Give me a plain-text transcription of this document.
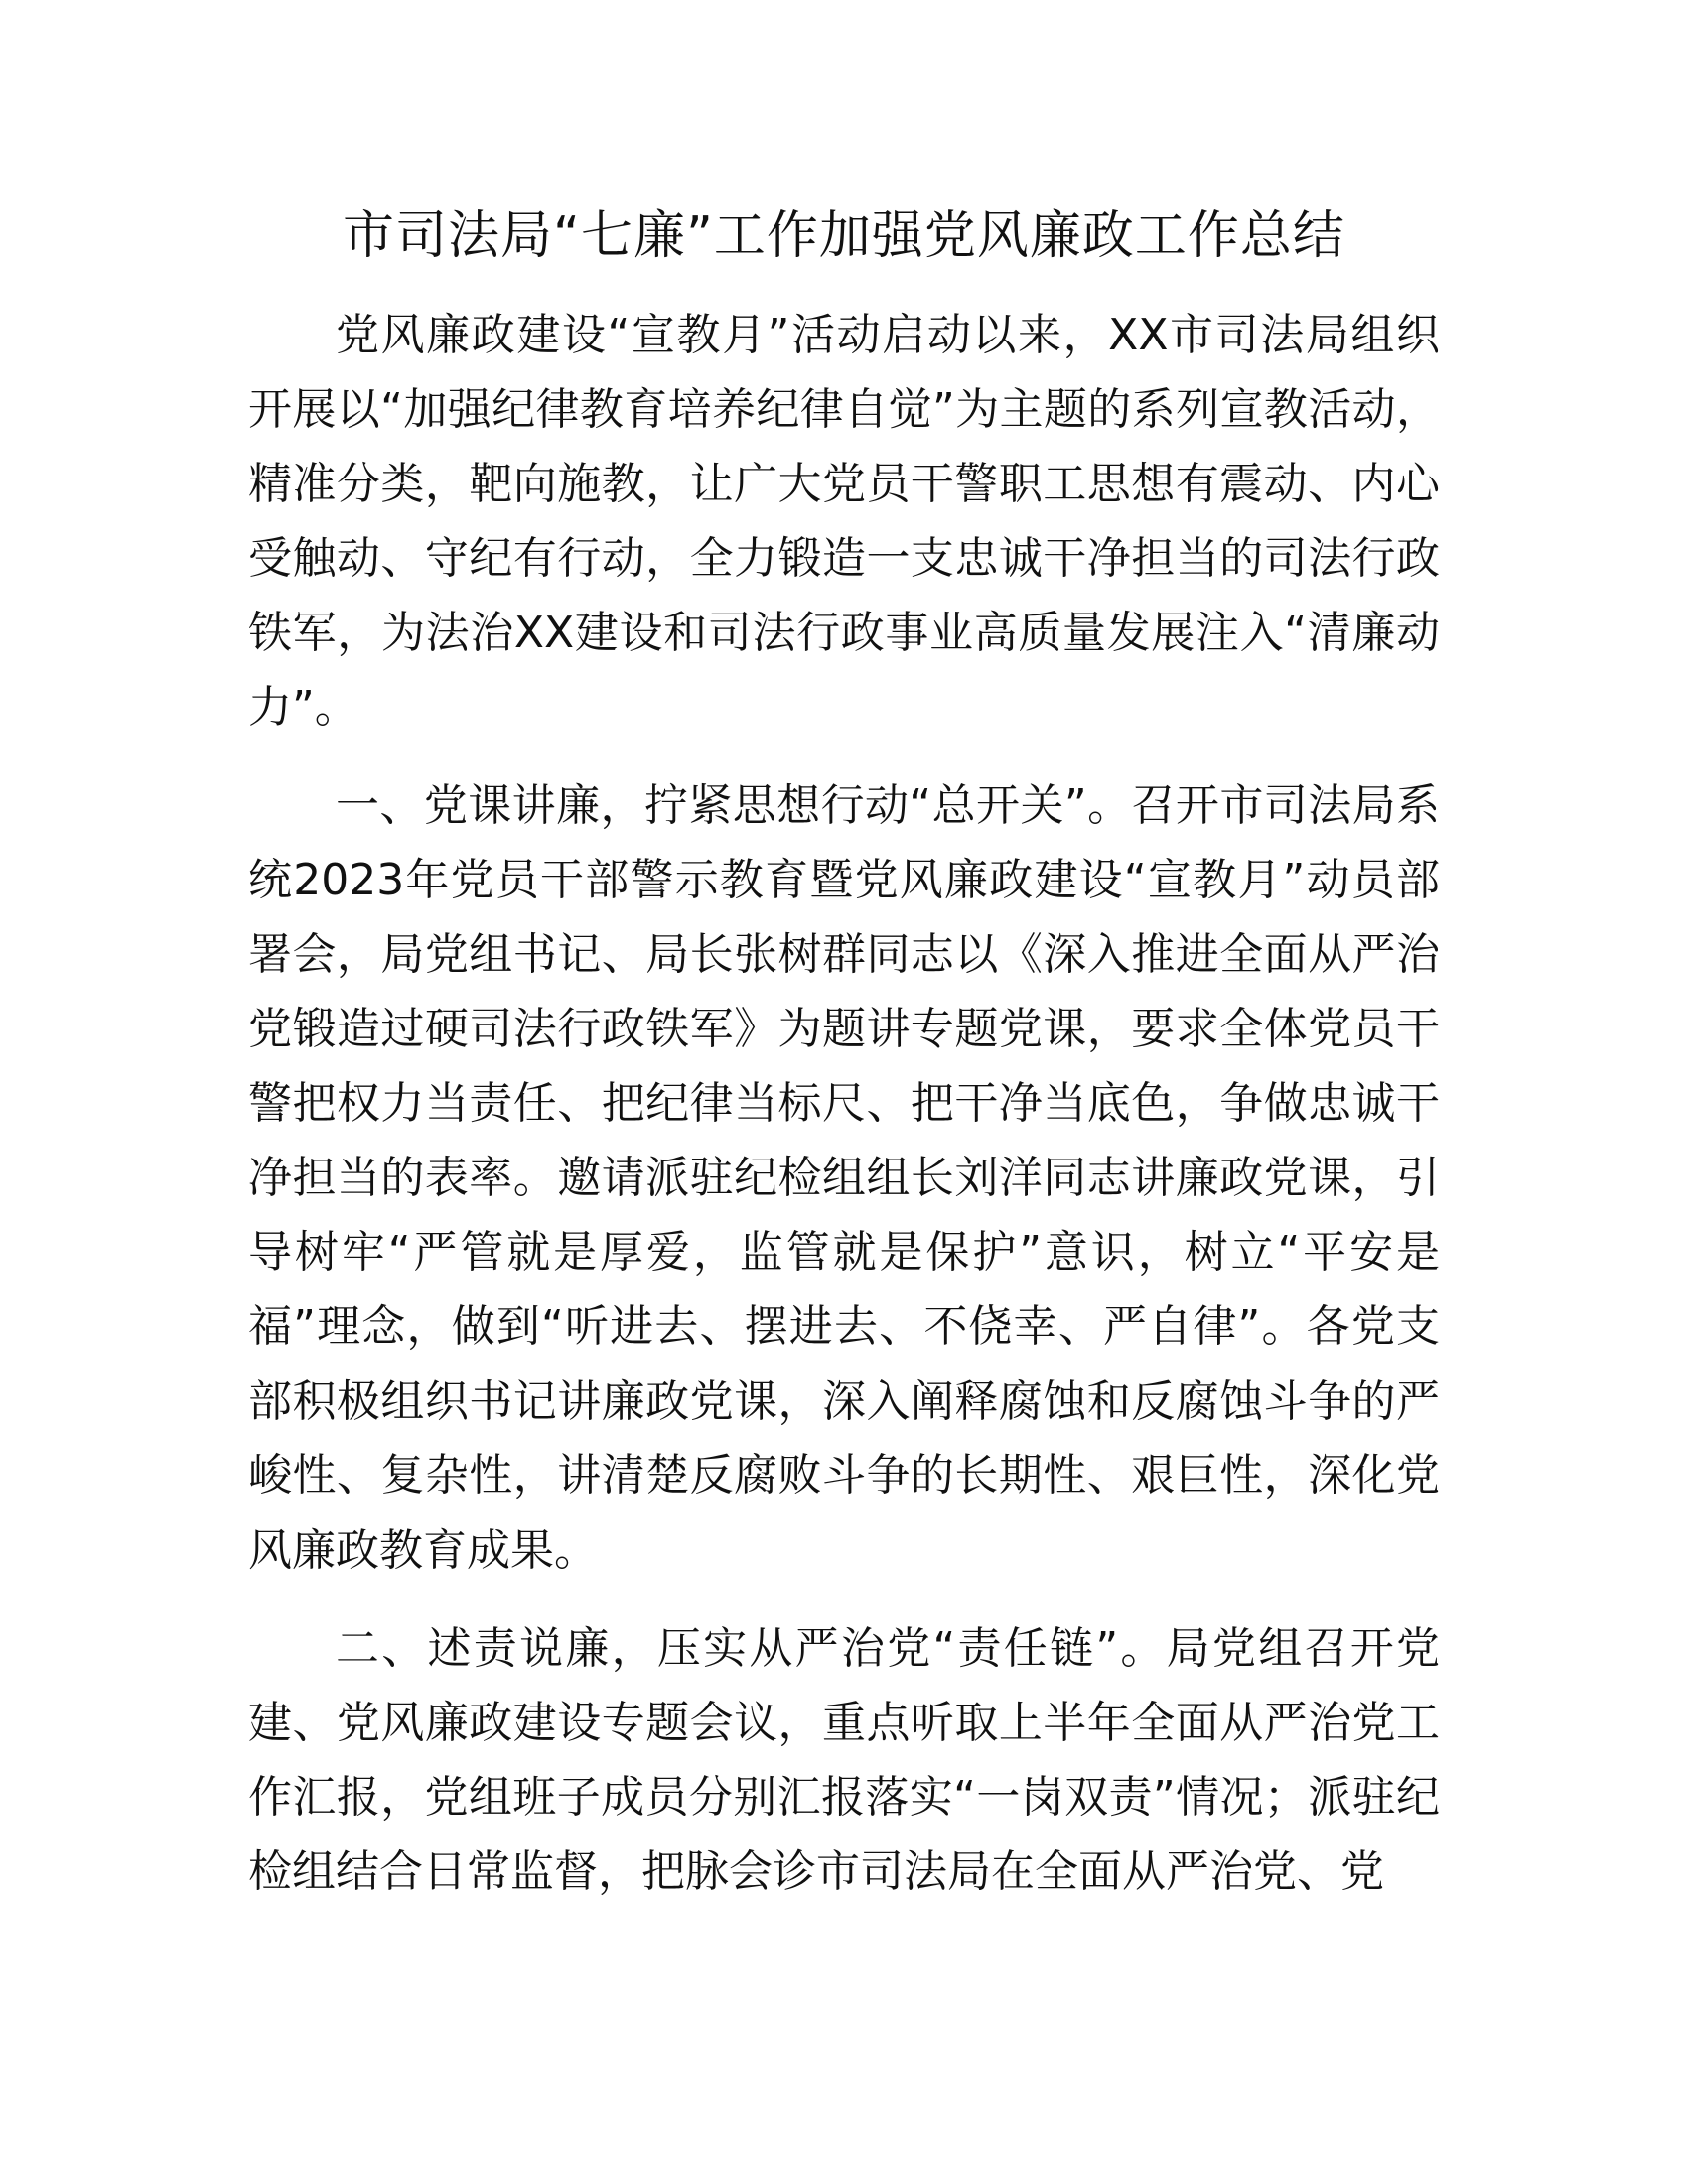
市司法局“七廉”工作加强党风廉政工作总结

党风廉政建设“宣教月”活动启动以来，XX市司法局组织开展以“加强纪律教育培养纪律自觉”为主题的系列宣教活动，精准分类，靶向施教，让广大党员干警职工思想有震动、内心受触动、守纪有行动，全力锻造一支忠诚干净担当的司法行政铁军，为法治XX建设和司法行政事业高质量发展注入“清廉动力”。

一、党课讲廉，拧紧思想行动“总开关”。召开市司法局系统2023年党员干部警示教育暨党风廉政建设“宣教月”动员部署会，局党组书记、局长张树群同志以《深入推进全面从严治党锻造过硬司法行政铁军》为题讲专题党课，要求全体党员干警把权力当责任、把纪律当标尺、把干净当底色，争做忠诚干净担当的表率。邀请派驻纪检组组长刘洋同志讲廉政党课，引导树牢“严管就是厚爱，监管就是保护”意识，树立“平安是福”理念，做到“听进去、摆进去、不侥幸、严自律”。各党支部积极组织书记讲廉政党课，深入阐释腐蚀和反腐蚀斗争的严峻性、复杂性，讲清楚反腐败斗争的长期性、艰巨性，深化党风廉政教育成果。

二、述责说廉，压实从严治党“责任链”。局党组召开党建、党风廉政建设专题会议，重点听取上半年全面从严治党工作汇报，党组班子成员分别汇报落实“一岗双责”情况；派驻纪检组结合日常监督，把脉会诊市司法局在全面从严治党、党
